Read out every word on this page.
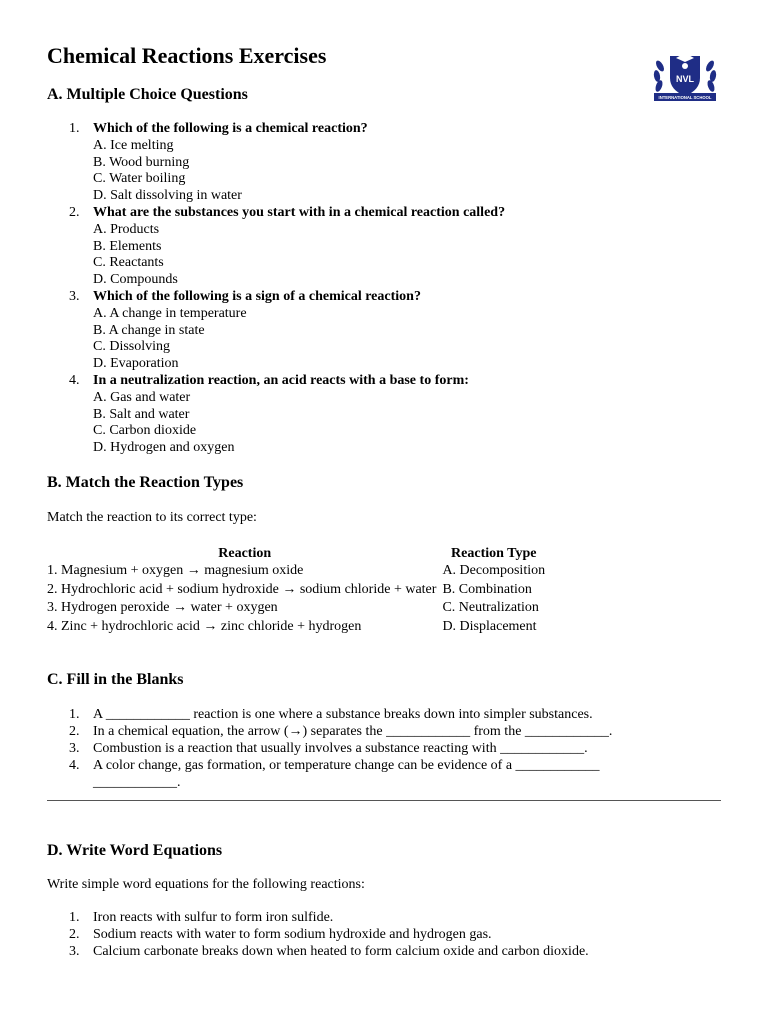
Chemical Reactions Exercises
NVL
INTERNATIONAL SCHOOL
A. Multiple Choice Questions
1. Which of the following is a chemical reaction?
A. Ice melting
B. Wood burning
C. Water boiling
D. Salt dissolving in water
2. What are the substances you start with in a chemical reaction called?
A. Products
B. Elements
C. Reactants
D. Compounds
3. Which of the following is a sign of a chemical reaction?
A. A change in temperature
B. A change in state
C. Dissolving
D. Evaporation
4. In a neutralization reaction, an acid reacts with a base to form:
A. Gas and water
B. Salt and water
C. Carbon dioxide
D. Hydrogen and oxygen
B. Match the Reaction Types

Match the reaction to its correct type:

Reaction	Reaction Type
1. Magnesium + oxygen → magnesium oxide	A. Decomposition
2. Hydrochloric acid + sodium hydroxide → sodium chloride + water	B. Combination
3. Hydrogen peroxide → water + oxygen	C. Neutralization
4. Zinc + hydrochloric acid → zinc chloride + hydrogen	D. Displacement
C. Fill in the Blanks
1. A ____________ reaction is one where a substance breaks down into simpler substances.
2. In a chemical equation, the arrow (→) separates the ____________ from the ____________.
3. Combustion is a reaction that usually involves a substance reacting with ____________.
4. A color change, gas formation, or temperature change can be evidence of a ____________ ____________.
D. Write Word Equations

Write simple word equations for the following reactions:

1. Iron reacts with sulfur to form iron sulfide.
2. Sodium reacts with water to form sodium hydroxide and hydrogen gas.
3. Calcium carbonate breaks down when heated to form calcium oxide and carbon dioxide.
